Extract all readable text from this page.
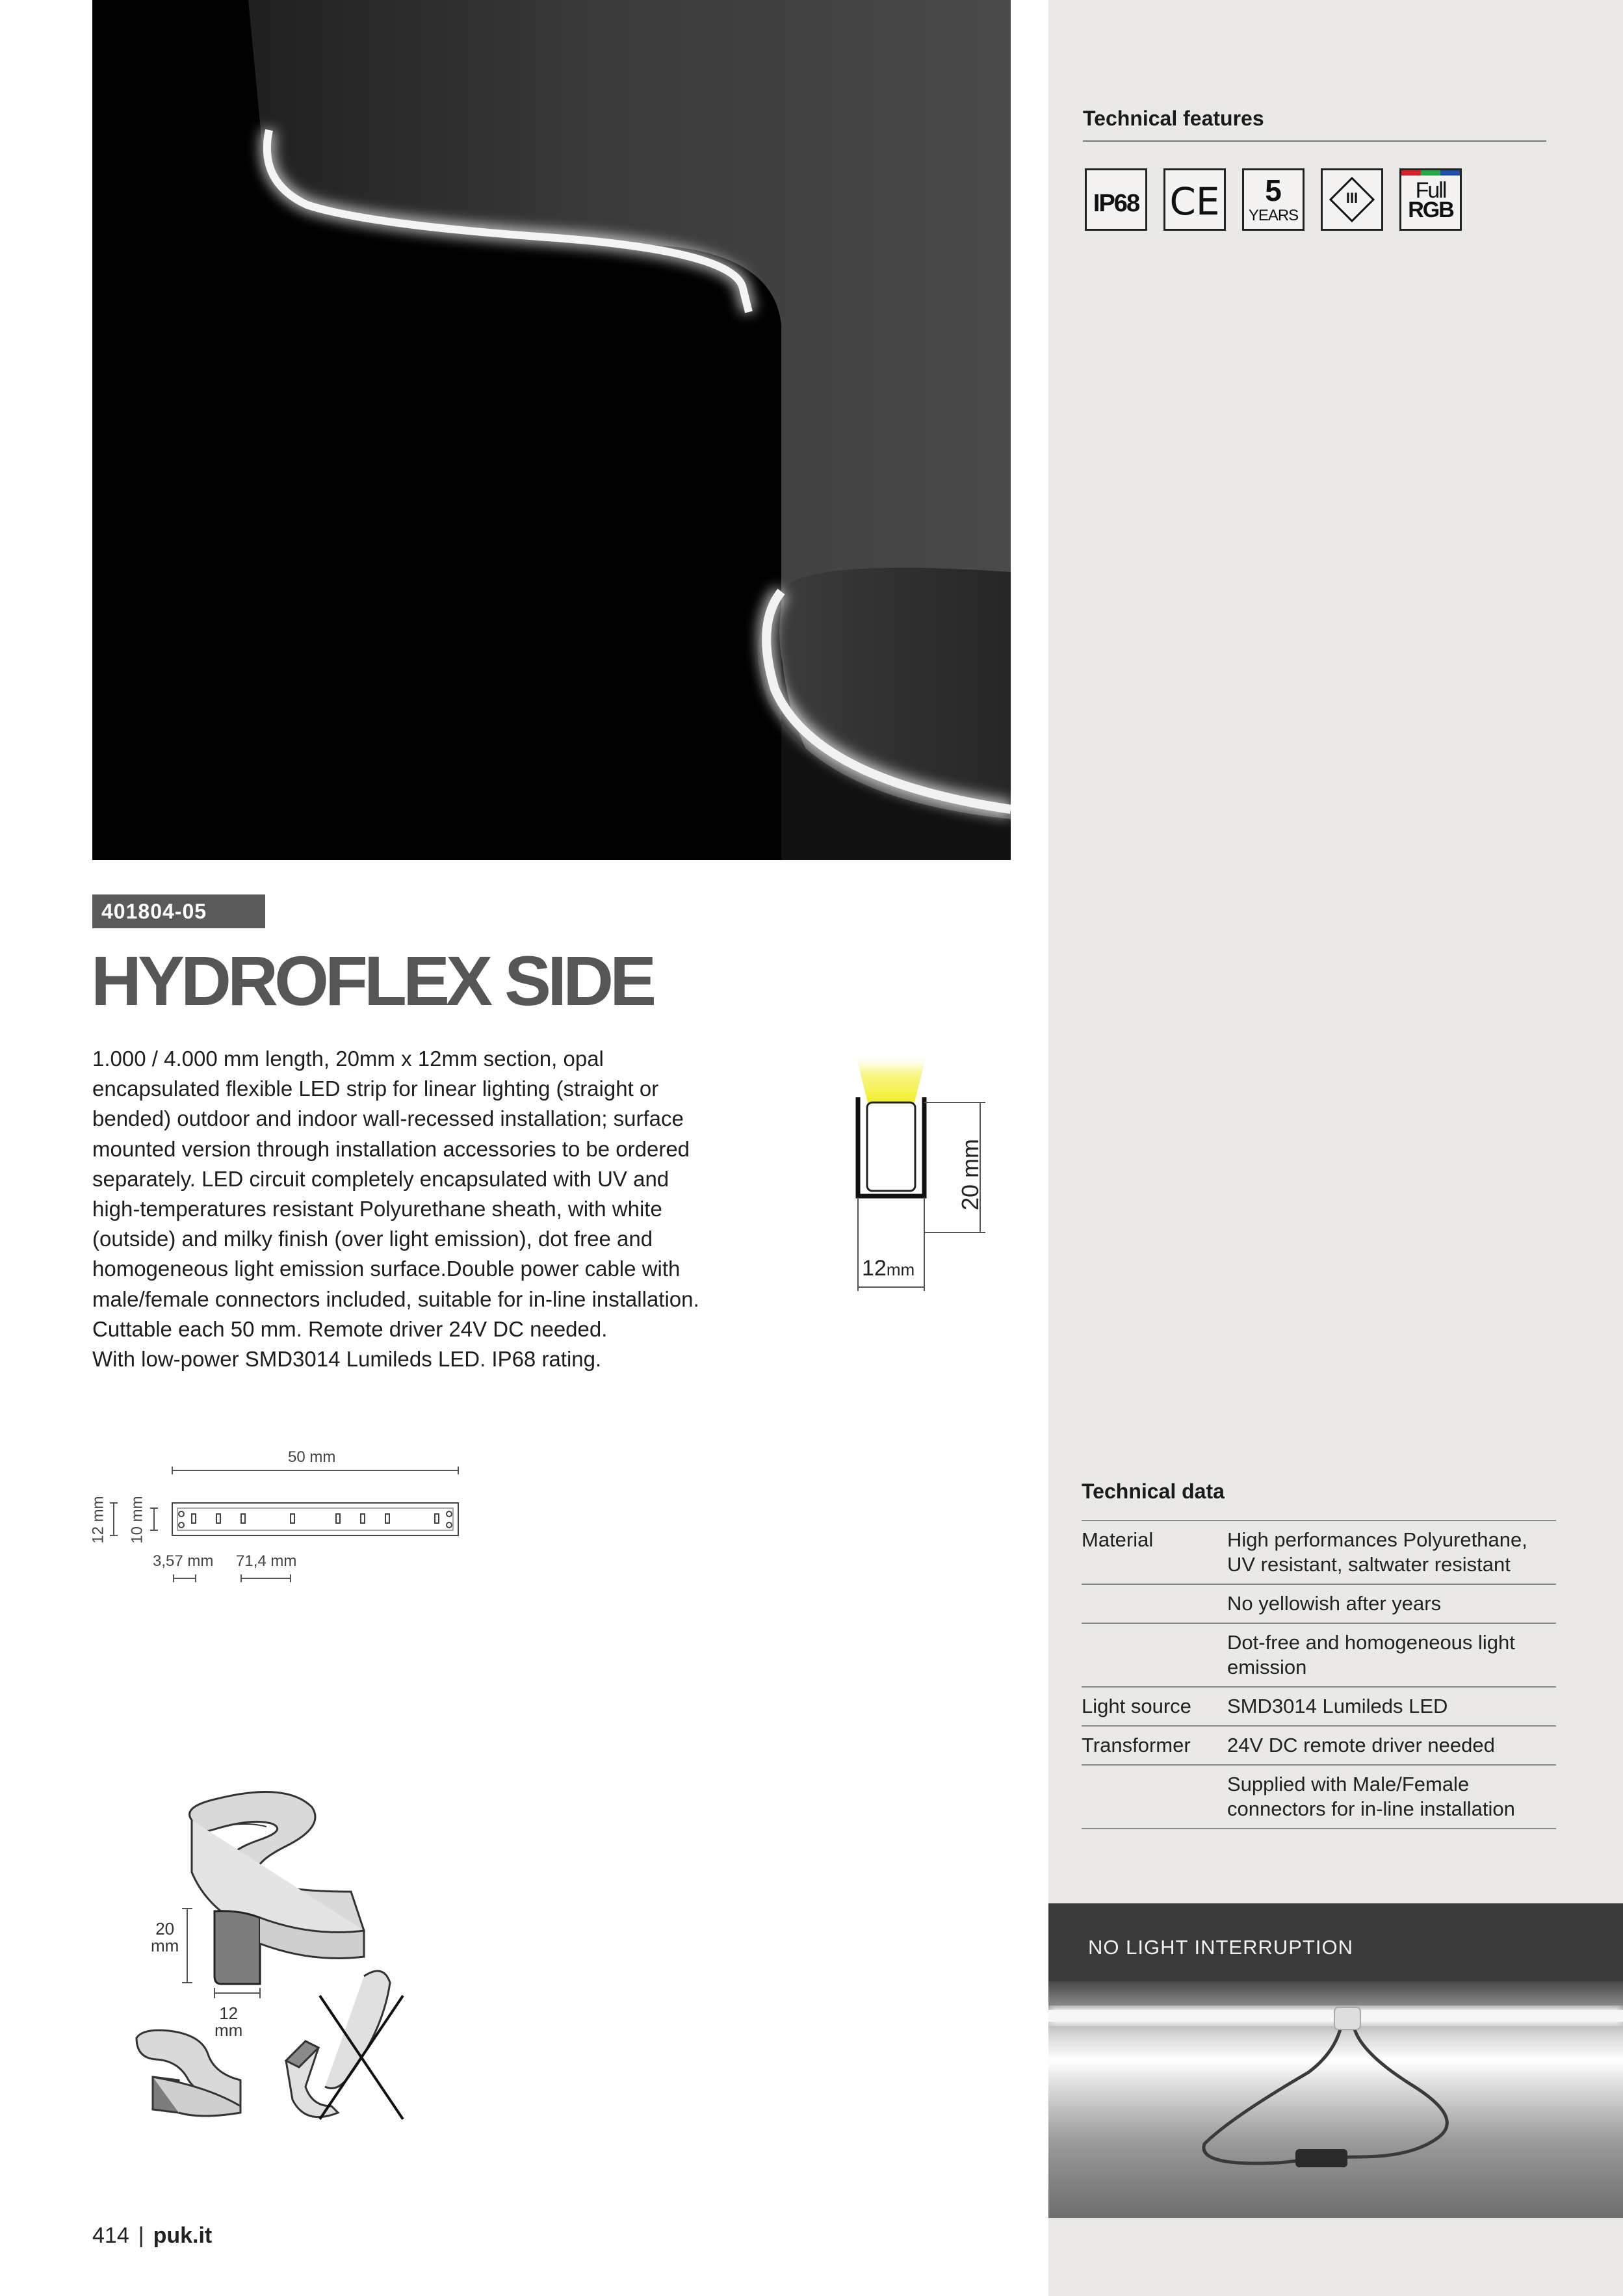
Technical features
IP68 CE	5
YEARS
III	Full
RGB
401804-05
HYDROFLEX SIDE

1.000 / 4.000 mm length, 20mm x 12mm section, opal

encapsulated flexible LED strip for linear lighting (straight or

bended) outdoor and indoor wall-recessed installation; surface

mounted version through installation accessories to be ordered

separately. LED circuit completely encapsulated with UV and

high-temperatures resistant Polyurethane sheath, with white

(outside) and milky finish (over light emission), dot free and

homogeneous light emission surface.Double power cable with

male/female connectors included, suitable for in-line installation.

Cuttable each 50 mm. Remote driver 24V DC needed.

With low-power SMD3014 Lumileds LED. IP68 rating.

20 mm
12mm
50 mm
12 mm 10 mm
3,57 mm 71,4 mm
20
mm
12
mm
Technical data
Material	High performances Polyurethane, UV resistant, saltwater resistant
No yellowish after years
Dot-free and homogeneous light emission
Light source	SMD3014 Lumileds LED
Transformer	24V DC remote driver needed
Supplied with Male/Female connectors for in-line installation
NO LIGHT INTERRUPTION
414 | puk.it
